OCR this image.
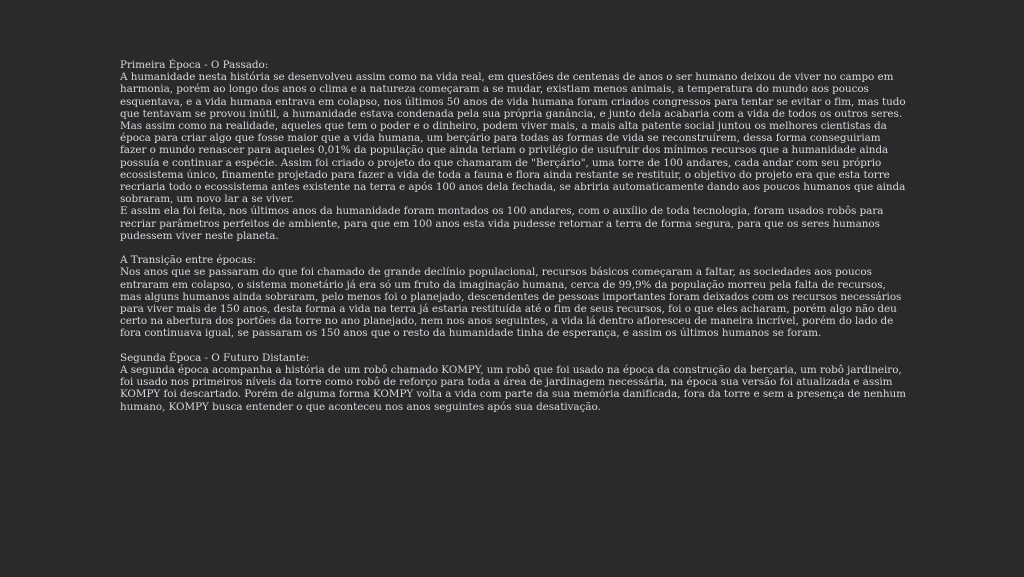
Primeira Época - O Passado:

A humanidade nesta história se desenvolveu assim como na vida real, em questões de centenas de anos o ser humano deixou de viver no campo em harmonia, porém ao longo dos anos o clima e a natureza começaram a se mudar, existiam menos animais, a temperatura do mundo aos poucos esquentava, e a vida humana entrava em colapso, nos últimos 50 anos de vida humana foram criados congressos para tentar se evitar o fim, mas tudo que tentavam se provou inútil, a humanidade estava condenada pela sua própria ganância, e junto dela acabaria com a vida de todos os outros seres.

Mas assim como na realidade, aqueles que tem o poder e o dinheiro, podem viver mais, a mais alta patente social juntou os melhores cientistas da época para criar algo que fosse maior que a vida humana, um berçário para todas as formas de vida se reconstruírem, dessa forma conseguiriam fazer o mundo renascer para aqueles 0,01% da população que ainda teriam o privilégio de usufruir dos mínimos recursos que a humanidade ainda possuía e continuar a espécie. Assim foi criado o projeto do que chamaram de "Berçário", uma torre de 100 andares, cada andar com seu próprio ecossistema único, finamente projetado para fazer a vida de toda a fauna e flora ainda restante se restituir, o objetivo do projeto era que esta torre recriaria todo o ecossistema antes existente na terra e após 100 anos dela fechada, se abriria automaticamente dando aos poucos humanos que ainda sobraram, um novo lar a se viver.

E assim ela foi feita, nos últimos anos da humanidade foram montados os 100 andares, com o auxílio de toda tecnologia, foram usados robôs para recriar parâmetros perfeitos de ambiente, para que em 100 anos esta vida pudesse retornar a terra de forma segura, para que os seres humanos pudessem viver neste planeta.

A Transição entre épocas:

Nos anos que se passaram do que foi chamado de grande declínio populacional, recursos básicos começaram a faltar, as sociedades aos poucos entraram em colapso, o sistema monetário já era só um fruto da imaginação humana, cerca de 99,9% da população morreu pela falta de recursos, mas alguns humanos ainda sobraram, pelo menos foi o planejado, descendentes de pessoas importantes foram deixados com os recursos necessários para viver mais de 150 anos, desta forma a vida na terra já estaria restituída até o fim de seus recursos, foi o que eles acharam, porém algo não deu certo na abertura dos portões da torre no ano planejado, nem nos anos seguintes, a vida lá dentro afloresceu de maneira incrível, porém do lado de fora continuava igual, se passaram os 150 anos que o resto da humanidade tinha de esperança, e assim os últimos humanos se foram.

Segunda Época - O Futuro Distante:

A segunda época acompanha a história de um robô chamado KOMPY, um robô que foi usado na época da construção da berçaria, um robô jardineiro, foi usado nos primeiros níveis da torre como robô de reforço para toda a área de jardinagem necessária, na época sua versão foi atualizada e assim KOMPY foi descartado. Porém de alguma forma KOMPY volta a vida com parte da sua memória danificada, fora da torre e sem a presença de nenhum humano, KOMPY busca entender o que aconteceu nos anos seguintes após sua desativação.
